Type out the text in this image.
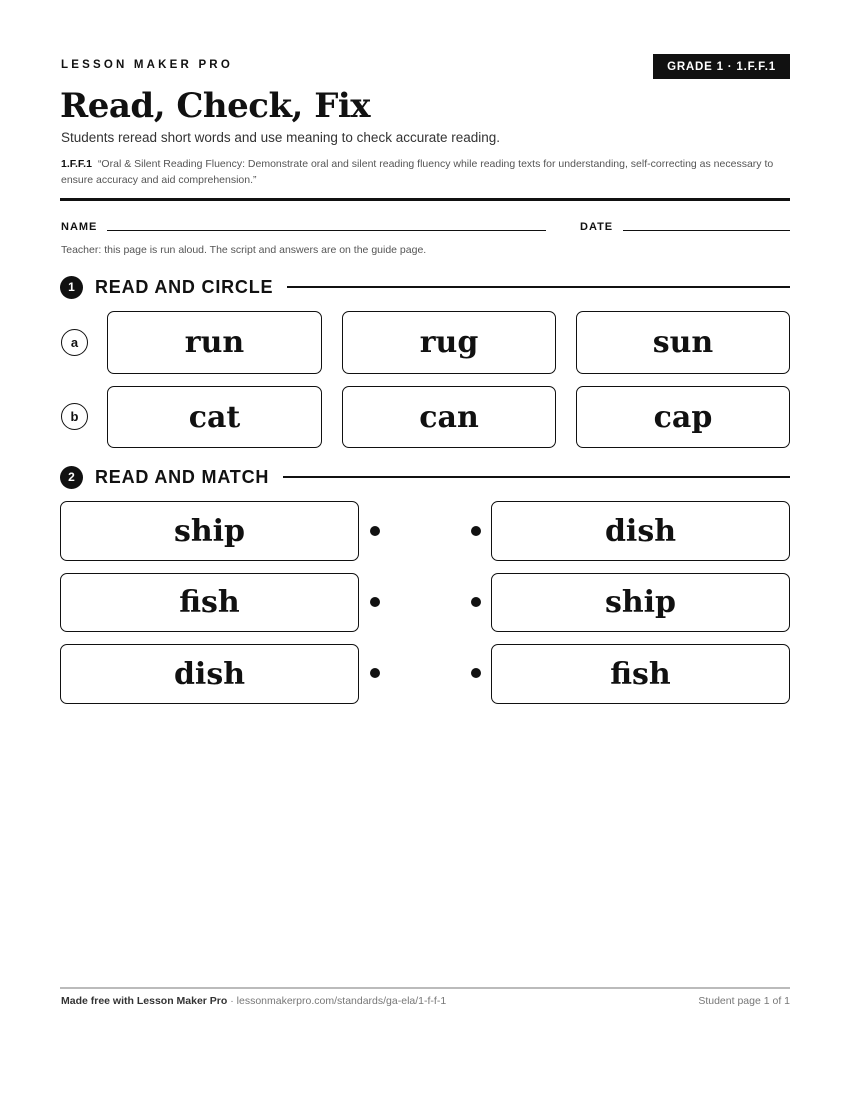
LESSON MAKER PRO	GRADE 1 · 1.F.F.1
Read, Check, Fix
Students reread short words and use meaning to check accurate reading.
1.F.F.1 “Oral & Silent Reading Fluency: Demonstrate oral and silent reading fluency while reading texts for understanding, self-correcting as necessary to ensure accuracy and aid comprehension.”
NAME	DATE
Teacher: this page is run aloud. The script and answers are on the guide page.
1	READ AND CIRCLE
a	run	rug	sun
b	cat	can	cap
2	READ AND MATCH
ship	dish
fish	ship
dish	fish
Made free with Lesson Maker Pro · lessonmakerpro.com/standards/ga-ela/1-f-f-1	Student page 1 of 1
